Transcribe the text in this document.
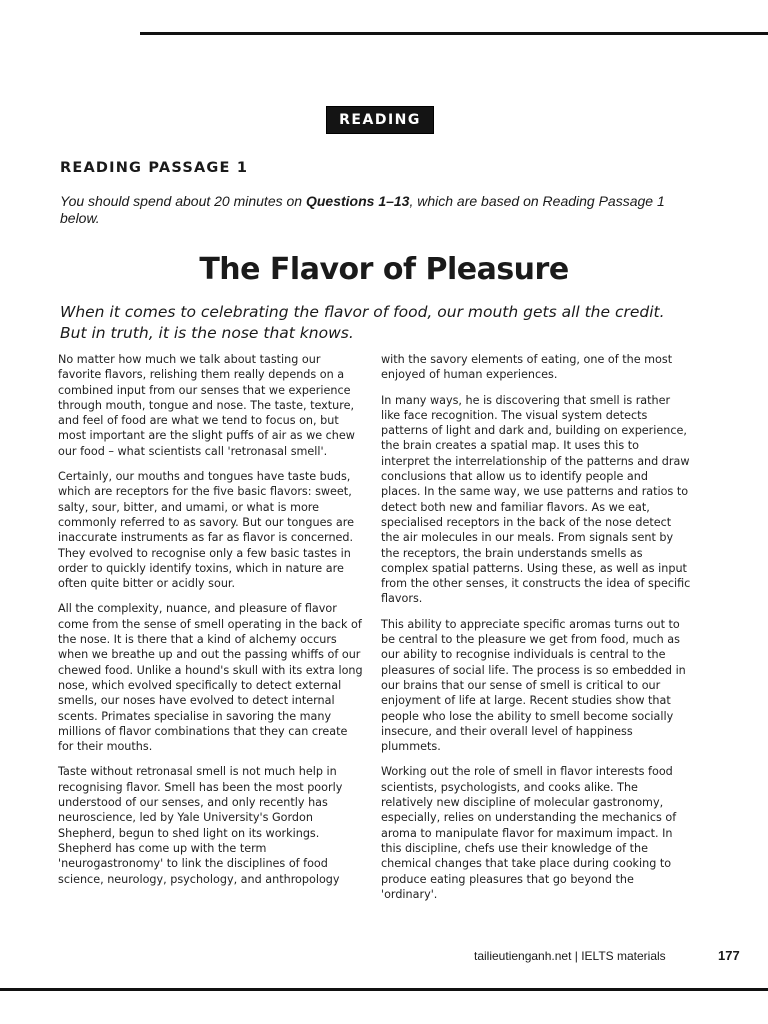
READING
READING PASSAGE 1
You should spend about 20 minutes on Questions 1–13, which are based on Reading Passage 1 below.
The Flavor of Pleasure
When it comes to celebrating the flavor of food, our mouth gets all the credit.
But in truth, it is the nose that knows.

No matter how much we talk about tasting our favorite flavors, relishing them really depends on a combined input from our senses that we experience through mouth, tongue and nose. The taste, texture, and feel of food are what we tend to focus on, but most important are the slight puffs of air as we chew our food – what scientists call 'retronasal smell'.

Certainly, our mouths and tongues have taste buds, which are receptors for the five basic flavors: sweet, salty, sour, bitter, and umami, or what is more commonly referred to as savory. But our tongues are inaccurate instruments as far as flavor is concerned. They evolved to recognise only a few basic tastes in order to quickly identify toxins, which in nature are often quite bitter or acidly sour.

All the complexity, nuance, and pleasure of flavor come from the sense of smell operating in the back of the nose. It is there that a kind of alchemy occurs when we breathe up and out the passing whiffs of our chewed food. Unlike a hound's skull with its extra long nose, which evolved specifically to detect external smells, our noses have evolved to detect internal scents. Primates specialise in savoring the many millions of flavor combinations that they can create for their mouths.

Taste without retronasal smell is not much help in recognising flavor. Smell has been the most poorly understood of our senses, and only recently has neuroscience, led by Yale University's Gordon Shepherd, begun to shed light on its workings. Shepherd has come up with the term 'neurogastronomy' to link the disciplines of food science, neurology, psychology, and anthropology

with the savory elements of eating, one of the most enjoyed of human experiences.

In many ways, he is discovering that smell is rather like face recognition. The visual system detects patterns of light and dark and, building on experience, the brain creates a spatial map. It uses this to interpret the interrelationship of the patterns and draw conclusions that allow us to identify people and places. In the same way, we use patterns and ratios to detect both new and familiar flavors. As we eat, specialised receptors in the back of the nose detect the air molecules in our meals. From signals sent by the receptors, the brain understands smells as complex spatial patterns. Using these, as well as input from the other senses, it constructs the idea of specific flavors.

This ability to appreciate specific aromas turns out to be central to the pleasure we get from food, much as our ability to recognise individuals is central to the pleasures of social life. The process is so embedded in our brains that our sense of smell is critical to our enjoyment of life at large. Recent studies show that people who lose the ability to smell become socially insecure, and their overall level of happiness plummets.

Working out the role of smell in flavor interests food scientists, psychologists, and cooks alike. The relatively new discipline of molecular gastronomy, especially, relies on understanding the mechanics of aroma to manipulate flavor for maximum impact. In this discipline, chefs use their knowledge of the chemical changes that take place during cooking to produce eating pleasures that go beyond the 'ordinary'.

tailieutienganh.net | IELTS materials	177
